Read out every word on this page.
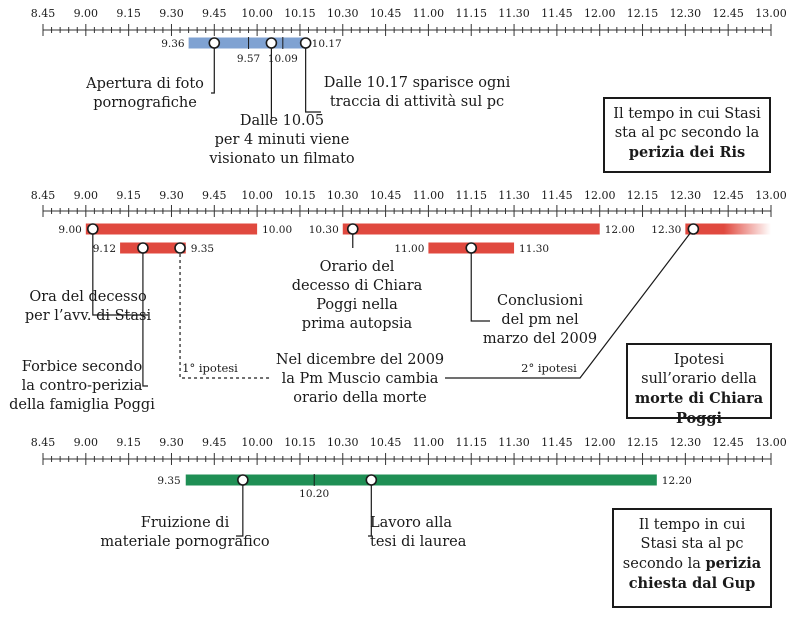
8.45 9.00 9.15 9.30 9.45 10.00 10.15 10.30 10.45 11.00 11.15 11.30 11.45 12.00 12.15 12.30 12.45 13.00
9.36	10.17
9.57 10.09
Apertura di foto pornografiche
Dalle 10.05 per 4 minuti viene visionato un filmato
Dalle 10.17 sparisce ogni traccia di attività sul pc
8.45 9.00 9.15 9.30 9.45 10.00 10.15 10.30 10.45 11.00 11.15 11.30 11.45 12.00 12.15 12.30 12.45 13.00
9.00	10.00
9.12	9.35
10.30	12.00
11.00	11.30
12.30
Orario del decesso di Chiara Poggi nella prima autopsia
Conclusioni del pm nel marzo del 2009
Ora del decesso per l’avv. di Stasi
Forbice secondo la contro-perizia della famiglia Poggi
Nel dicembre del 2009 la Pm Muscio cambia orario della morte
1° ipotesi	2° ipotesi
8.45 9.00 9.15 9.30 9.45 10.00 10.15 10.30 10.45 11.00 11.15 11.30 11.45 12.00 12.15 12.30 12.45 13.00
9.35	12.20
10.20
Fruizione di materiale pornografico
Lavoro alla tesi di laurea
Il tempo in cui Stasi sta al pc secondo la perizia dei Ris
Ipotesi sull’orario della morte di Chiara Poggi
Il tempo in cui Stasi sta al pc secondo la perizia chiesta dal Gup
